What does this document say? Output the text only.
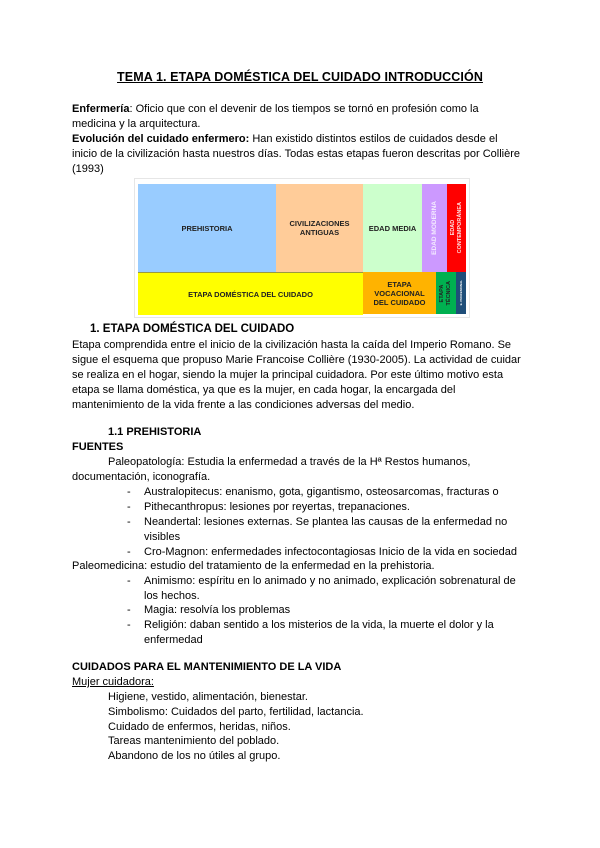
TEMA 1. ETAPA DOMÉSTICA DEL CUIDADO INTRODUCCIÓN
Enfermería: Oficio que con el devenir de los tiempos se tornó en profesión como la
medicina y la arquitectura.
Evolución del cuidado enfermero: Han existido distintos estilos de cuidados desde el
inicio de la civilización hasta nuestros días. Todas estas etapas fueron descritas por Collière
(1993)
PREHISTORIA	CIVILIZACIONES
ANTIGUAS	EDAD MEDIA EDAD MODERNA EDAD
CONTEMPORÁNEA
ETAPA DOMÉSTICA DEL CUIDADO
ETAPA
VOCACIONAL
DEL CUIDADO
ETAPA
TÉCNICA	E. PROFESIONAL
1. ETAPA DOMÉSTICA DEL CUIDADO
Etapa comprendida entre el inicio de la civilización hasta la caída del Imperio Romano. Se
sigue el esquema que propuso Marie Francoise Collière (1930-2005). La actividad de cuidar
se realiza en el hogar, siendo la mujer la principal cuidadora. Por este último motivo esta
etapa se llama doméstica, ya que es la mujer, en cada hogar, la encargada del
mantenimiento de la vida frente a las condiciones adversas del medio.
1.1 PREHISTORIA
FUENTES
Paleopatología: Estudia la enfermedad a través de la Hª Restos humanos,
documentación, iconografía.
- Australopitecus: enanismo, gota, gigantismo, osteosarcomas, fracturas o
- Pithecanthropus: lesiones por reyertas, trepanaciones.
- Neandertal: lesiones externas. Se plantea las causas de la enfermedad no
visibles
- Cro-Magnon: enfermedades infectocontagiosas Inicio de la vida en sociedad
Paleomedicina: estudio del tratamiento de la enfermedad en la prehistoria.
- Animismo: espíritu en lo animado y no animado, explicación sobrenatural de
los hechos.
- Magia: resolvía los problemas
- Religión: daban sentido a los misterios de la vida, la muerte el dolor y la
enfermedad
CUIDADOS PARA EL MANTENIMIENTO DE LA VIDA
Mujer cuidadora:
Higiene, vestido, alimentación, bienestar.
Simbolismo: Cuidados del parto, fertilidad, lactancia.
Cuidado de enfermos, heridas, niños.
Tareas mantenimiento del poblado.
Abandono de los no útiles al grupo.
